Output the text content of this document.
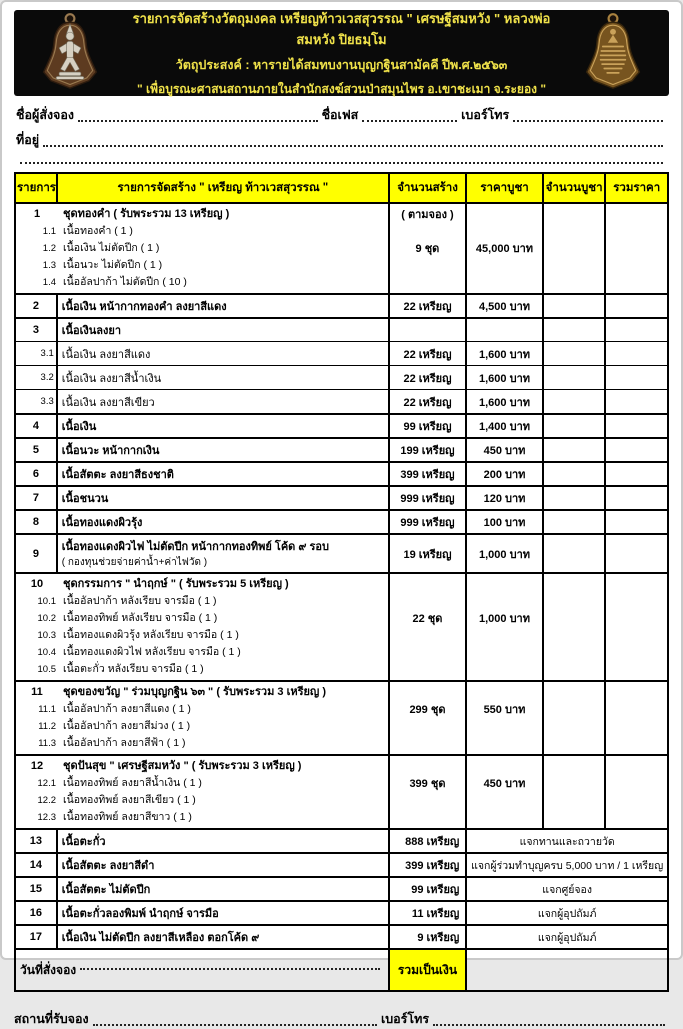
รายการจัดสร้างวัตถุมงคล เหรียญท้าวเวสสุวรรณ " เศรษฐีสมหวัง " หลวงพ่อสมหวัง ปิยธมฺโม
วัตถุประสงค์ : หารายได้สมทบงานบุญกฐินสามัคคี ปีพ.ศ.๒๕๖๓
" เพื่อบูรณะศาสนสถานภายในสำนักสงฆ์สวนป่าสมุนไพร อ.เขาชะเมา จ.ระยอง "
ชื่อผู้สั่งจอง	ชื่อเฟส	เบอร์โทร
ที่อยู่
รายการ	รายการจัดสร้าง " เหรียญ ท้าวเวสสุวรรณ "	จำนวนสร้าง	ราคาบูชา	จำนวนบูชา รวมราคา
1	ชุดทองคำ ( รับพระรวม 13 เหรียญ )
1.1 เนื้อทองคำ ( 1 )
1.2 เนื้อเงิน ไม่ตัดปีก ( 1 )
1.3 เนื้อนวะ ไม่ตัดปีก ( 1 )
1.4 เนื้ออัลปาก้า ไม่ตัดปีก ( 10 )
( ตามจอง )
9 ชุด	45,000 บาท
2	เนื้อเงิน หน้ากากทองคำ ลงยาสีแดง	22 เหรียญ	4,500 บาท
3	เนื้อเงินลงยา
3.1 เนื้อเงิน ลงยาสีแดง	22 เหรียญ	1,600 บาท
3.2 เนื้อเงิน ลงยาสีน้ำเงิน	22 เหรียญ	1,600 บาท
3.3 เนื้อเงิน ลงยาสีเขียว	22 เหรียญ	1,600 บาท
4	เนื้อเงิน	99 เหรียญ	1,400 บาท
5	เนื้อนวะ หน้ากากเงิน	199 เหรียญ	450 บาท
6	เนื้อสัตตะ ลงยาสีธงชาติ	399 เหรียญ	200 บาท
7	เนื้อชนวน	999 เหรียญ	120 บาท
8	เนื้อทองแดงผิวรุ้ง	999 เหรียญ	100 บาท
9
เนื้อทองแดงผิวไฟ ไม่ตัดปีก หน้ากากทองทิพย์ โค้ด ๙ รอบ
( กองทุนช่วยจ่ายค่าน้ำ+ค่าไฟวัด )
19 เหรียญ	1,000 บาท
10	ชุดกรรมการ " นำฤกษ์ " ( รับพระรวม 5 เหรียญ )
10.1 เนื้ออัลปาก้า หลังเรียบ จารมือ ( 1 )
10.2 เนื้อทองทิพย์ หลังเรียบ จารมือ ( 1 )
10.3 เนื้อทองแดงผิวรุ้ง หลังเรียบ จารมือ ( 1 )
10.4 เนื้อทองแดงผิวไฟ หลังเรียบ จารมือ ( 1 )
10.5 เนื้อตะกั่ว หลังเรียบ จารมือ ( 1 )
22 ชุด	1,000 บาท
11	ชุดของขวัญ " ร่วมบุญกฐิน ๖๓ " ( รับพระรวม 3 เหรียญ )
11.1 เนื้ออัลปาก้า ลงยาสีแดง ( 1 )
11.2 เนื้ออัลปาก้า ลงยาสีม่วง ( 1 )
11.3 เนื้ออัลปาก้า ลงยาสีฟ้า ( 1 )
299 ชุด	550 บาท
12	ชุดปันสุข " เศรษฐีสมหวัง " ( รับพระรวม 3 เหรียญ )
12.1 เนื้อทองทิพย์ ลงยาสีน้ำเงิน ( 1 )
12.2 เนื้อทองทิพย์ ลงยาสีเขียว ( 1 )
12.3 เนื้อทองทิพย์ ลงยาสีขาว ( 1 )
399 ชุด	450 บาท
13	เนื้อตะกั่ว	888 เหรียญ	แจกทานและถวายวัด
14	เนื้อสัตตะ ลงยาสีดำ	399 เหรียญ	แจกผู้ร่วมทำบุญครบ 5,000 บาท / 1 เหรียญ
15	เนื้อสัตตะ ไม่ตัดปีก	99 เหรียญ	แจกศูย์จอง
16	เนื้อตะกั่วลองพิมพ์ นำฤกษ์ จารมือ	11 เหรียญ	แจกผู้อุปถัมภ์
17	เนื้อเงิน ไม่ตัดปีก ลงยาสีเหลือง ตอกโค้ด ๙	9 เหรียญ	แจกผู้อุปถัมภ์
วันที่สั่งจอง	รวมเป็นเงิน
สถานที่รับจอง	เบอร์โทร
